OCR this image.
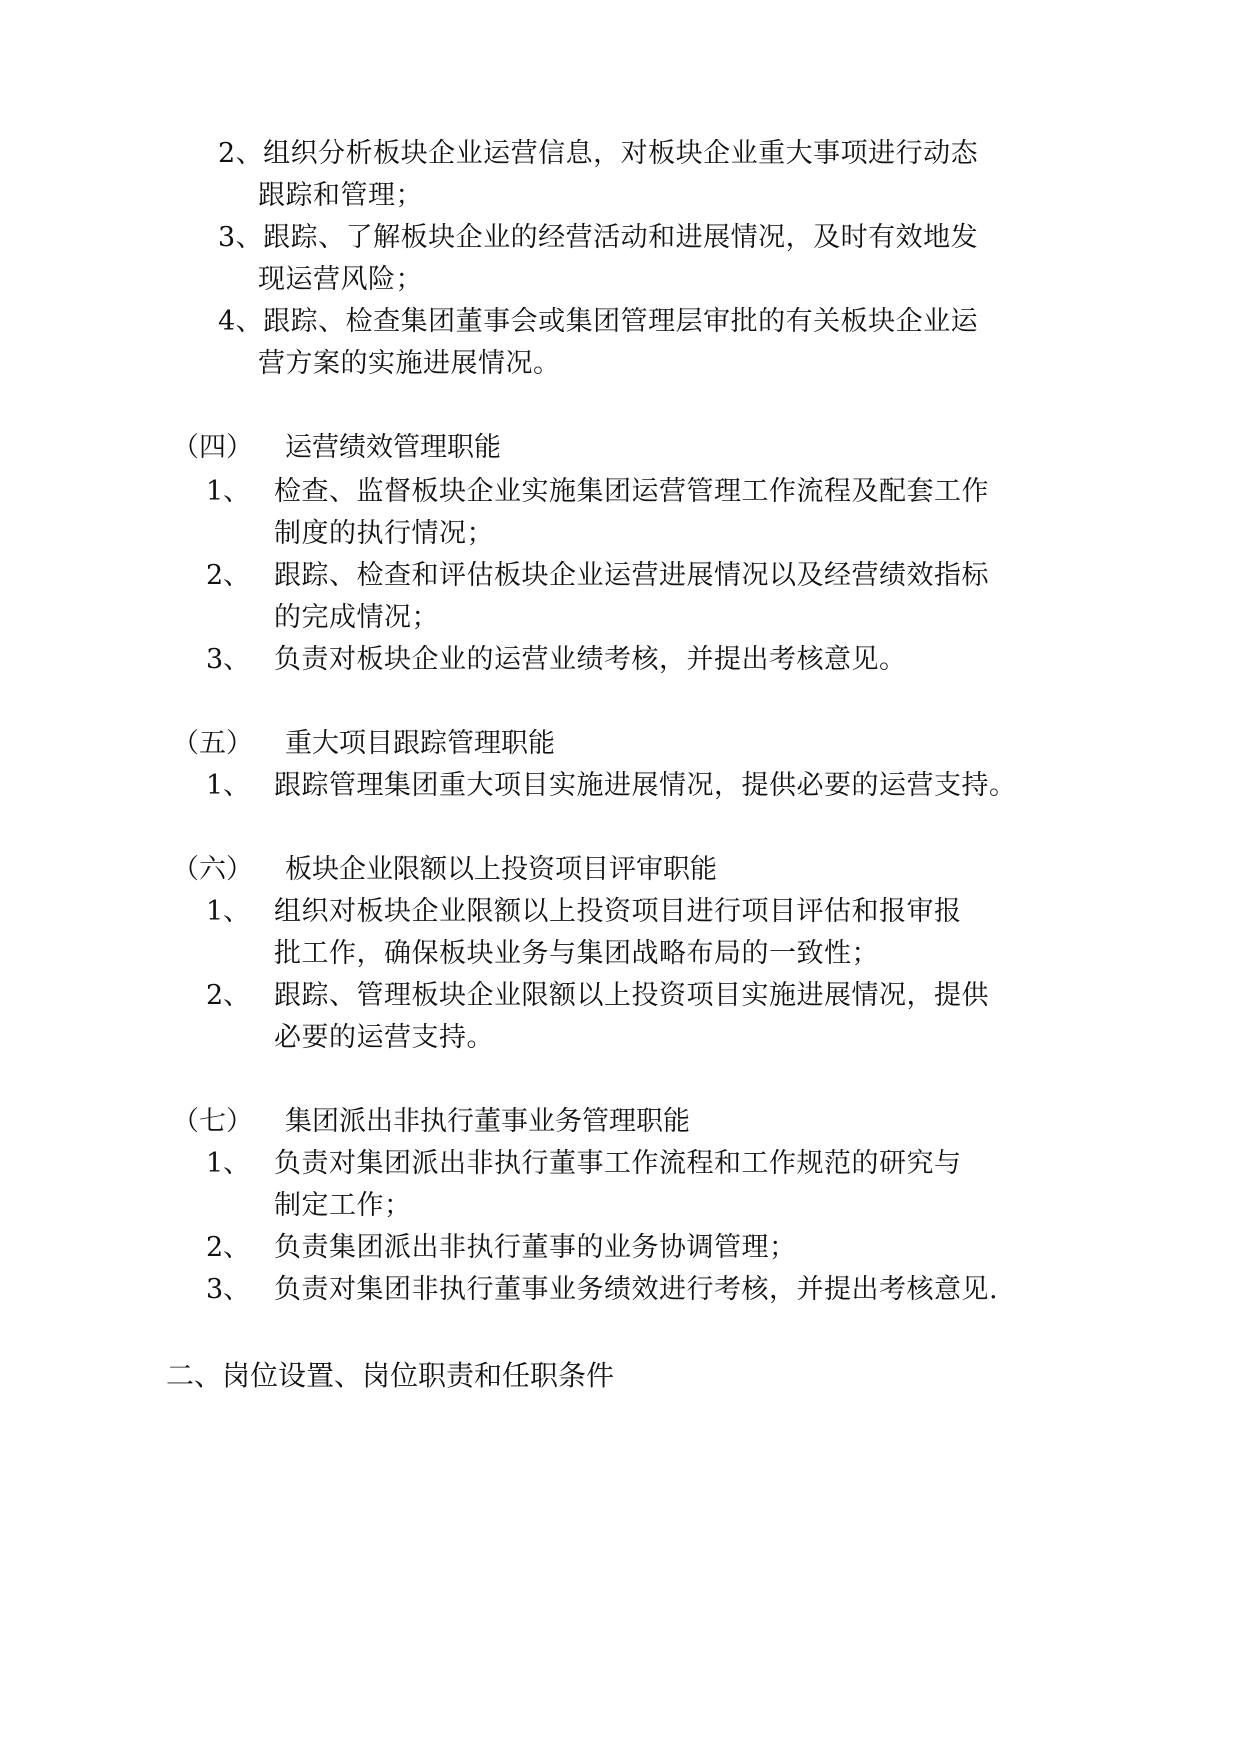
2、组织分析板块企业运营信息，对板块企业重大事项进行动态
跟踪和管理；
3、跟踪、了解板块企业的经营活动和进展情况，及时有效地发
现运营风险；
4、跟踪、检查集团董事会或集团管理层审批的有关板块企业运
营方案的实施进展情况。
（四） 运营绩效管理职能
1、 检查、监督板块企业实施集团运营管理工作流程及配套工作
制度的执行情况；
2、 跟踪、检查和评估板块企业运营进展情况以及经营绩效指标
的完成情况；
3、 负责对板块企业的运营业绩考核，并提出考核意见。
（五） 重大项目跟踪管理职能
1、 跟踪管理集团重大项目实施进展情况，提供必要的运营支持。
（六） 板块企业限额以上投资项目评审职能
1、 组织对板块企业限额以上投资项目进行项目评估和报审报
批工作，确保板块业务与集团战略布局的一致性；
2、 跟踪、管理板块企业限额以上投资项目实施进展情况，提供
必要的运营支持。
（七） 集团派出非执行董事业务管理职能
1、 负责对集团派出非执行董事工作流程和工作规范的研究与
制定工作；
2、 负责集团派出非执行董事的业务协调管理；
3、 负责对集团非执行董事业务绩效进行考核，并提出考核意见.
二、岗位设置、岗位职责和任职条件
